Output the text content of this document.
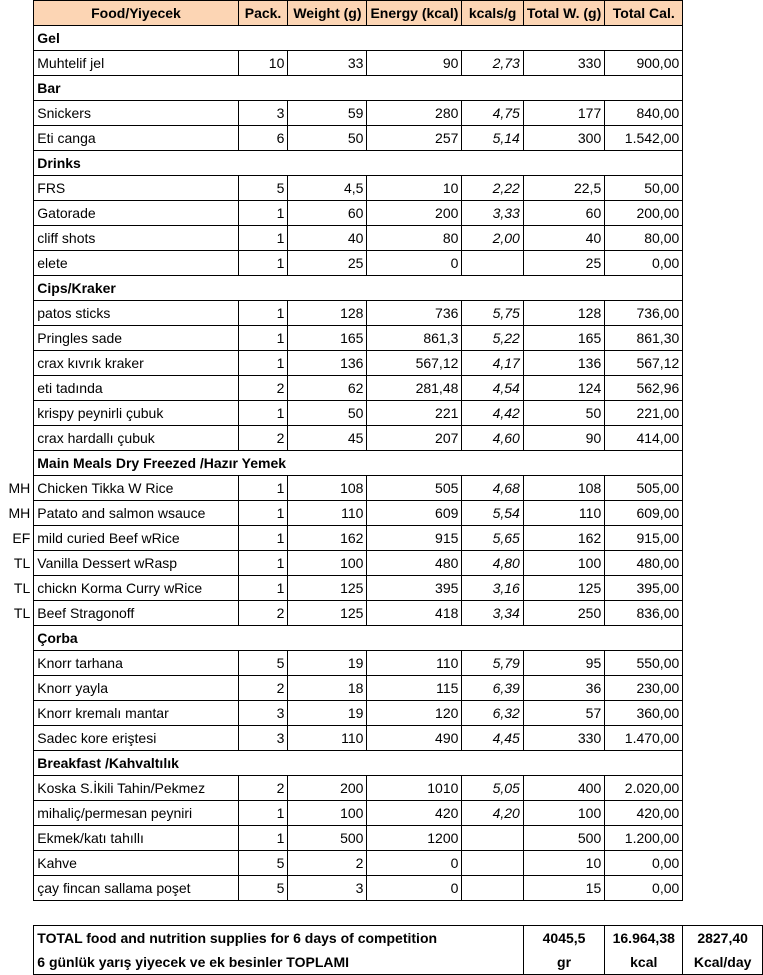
	Food/Yiyecek	Pack.	Weight (g)	Energy (kcal)	kcals/g	Total W. (g)	Total Cal.	
	Gel							
	Muhtelif jel	10	33	90	2,73	330	900,00	
	Bar							
	Snickers	3	59	280	4,75	177	840,00	
	Eti canga	6	50	257	5,14	300	1.542,00	
	Drinks							
	FRS	5	4,5	10	2,22	22,5	50,00	
	Gatorade	1	60	200	3,33	60	200,00	
	cliff shots	1	40	80	2,00	40	80,00	
	elete	1	25	0		25	0,00	
	Cips/Kraker							
	patos sticks	1	128	736	5,75	128	736,00	
	Pringles sade	1	165	861,3	5,22	165	861,30	
	crax kıvrık kraker	1	136	567,12	4,17	136	567,12	
	eti tadında	2	62	281,48	4,54	124	562,96	
	krispy peynirli çubuk	1	50	221	4,42	50	221,00	
	crax hardallı çubuk	2	45	207	4,60	90	414,00	
	Main Meals Dry Freezed /Hazır Yemek							
MH	Chicken Tikka W Rice	1	108	505	4,68	108	505,00	
MH	Patato and salmon wsauce	1	110	609	5,54	110	609,00	
EF	mild curied Beef wRice	1	162	915	5,65	162	915,00	
TL	Vanilla Dessert wRasp	1	100	480	4,80	100	480,00	
TL	chickn Korma Curry wRice	1	125	395	3,16	125	395,00	
TL	Beef Stragonoff	2	125	418	3,34	250	836,00	
	Çorba							
	Knorr tarhana	5	19	110	5,79	95	550,00	
	Knorr yayla	2	18	115	6,39	36	230,00	
	Knorr kremalı mantar	3	19	120	6,32	57	360,00	
	Sadec kore eriştesi	3	110	490	4,45	330	1.470,00	
	Breakfast /Kahvaltılık							
	Koska S.İkili Tahin/Pekmez	2	200	1010	5,05	400	2.020,00	
	mihaliç/permesan peyniri	1	100	420	4,20	100	420,00	
	Ekmek/katı tahıllı	1	500	1200		500	1.200,00	
	Kahve	5	2	0		10	0,00	
	çay fincan sallama poşet	5	3	0		15	0,00	

	TOTAL food and nutrition supplies for 6 days of competition					4045,5	16.964,38	2827,40
	6 günlük yarış yiyecek ve ek besinler TOPLAMI					gr	kcal	Kcal/day
